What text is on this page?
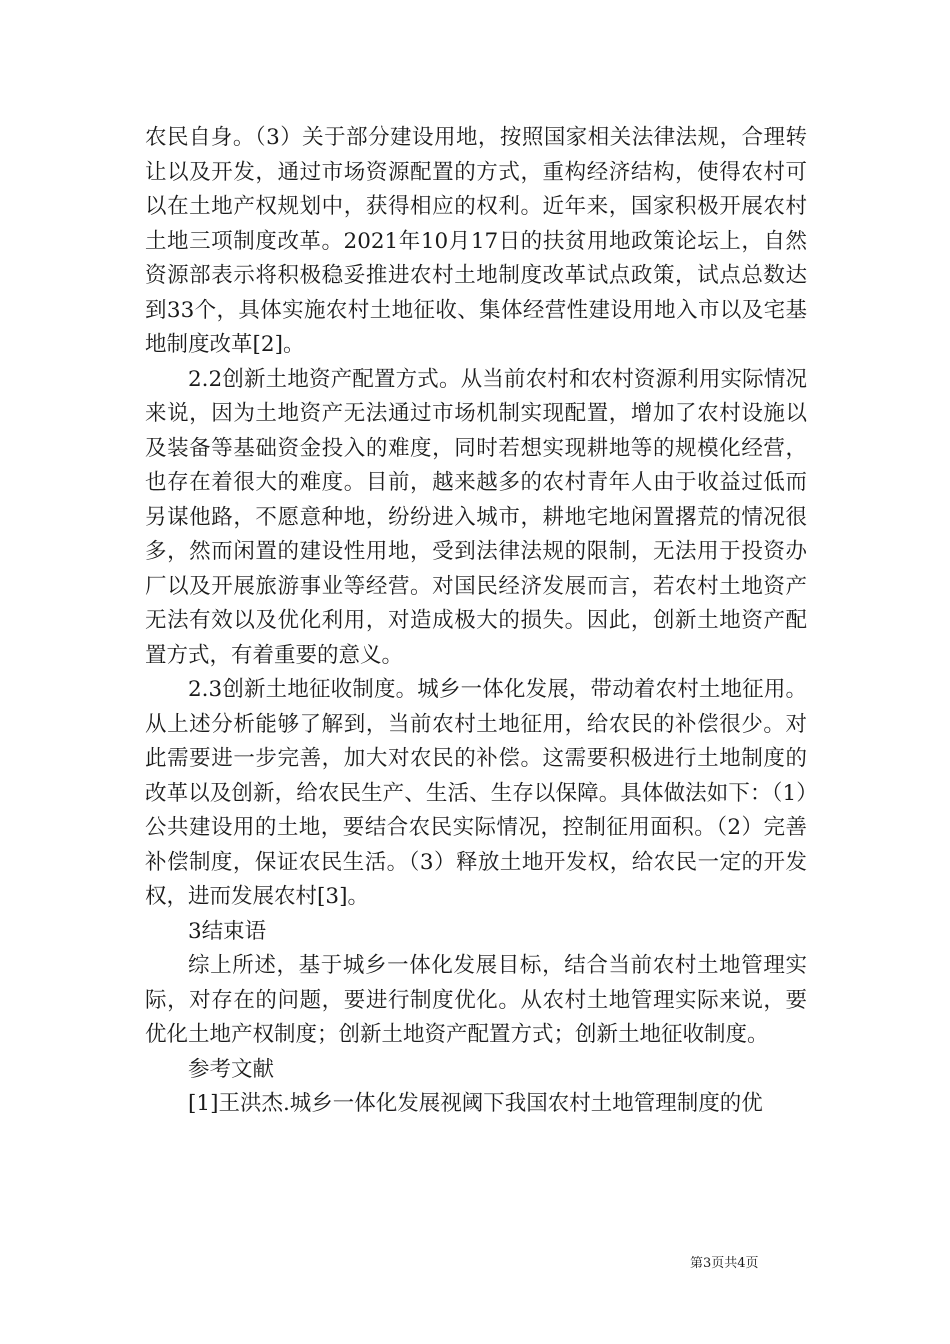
农民自身。（3）关于部分建设用地，按照国家相关法律法规，合理转让以及开发，通过市场资源配置的方式，重构经济结构，使得农村可以在土地产权规划中，获得相应的权利。近年来，国家积极开展农村土地三项制度改革。2021年10月17日的扶贫用地政策论坛上，自然资源部表示将积极稳妥推进农村土地制度改革试点政策，试点总数达到33个，具体实施农村土地征收、集体经营性建设用地入市以及宅基地制度改革[2]。

2.2创新土地资产配置方式。从当前农村和农村资源利用实际情况来说，因为土地资产无法通过市场机制实现配置，增加了农村设施以及装备等基础资金投入的难度，同时若想实现耕地等的规模化经营，也存在着很大的难度。目前，越来越多的农村青年人由于收益过低而另谋他路，不愿意种地，纷纷进入城市，耕地宅地闲置撂荒的情况很多，然而闲置的建设性用地，受到法律法规的限制，无法用于投资办厂以及开展旅游事业等经营。对国民经济发展而言，若农村土地资产无法有效以及优化利用，对造成极大的损失。因此，创新土地资产配置方式，有着重要的意义。

2.3创新土地征收制度。城乡一体化发展，带动着农村土地征用。从上述分析能够了解到，当前农村土地征用，给农民的补偿很少。对此需要进一步完善，加大对农民的补偿。这需要积极进行土地制度的改革以及创新，给农民生产、生活、生存以保障。具体做法如下：（1）公共建设用的土地，要结合农民实际情况，控制征用面积。（2）完善补偿制度，保证农民生活。（3）释放土地开发权，给农民一定的开发权，进而发展农村[3]。

3结束语

综上所述，基于城乡一体化发展目标，结合当前农村土地管理实际，对存在的问题，要进行制度优化。从农村土地管理实际来说，要优化土地产权制度；创新土地资产配置方式；创新土地征收制度。

参考文献

[1]王洪杰.城乡一体化发展视阈下我国农村土地管理制度的优

第3页共4页
